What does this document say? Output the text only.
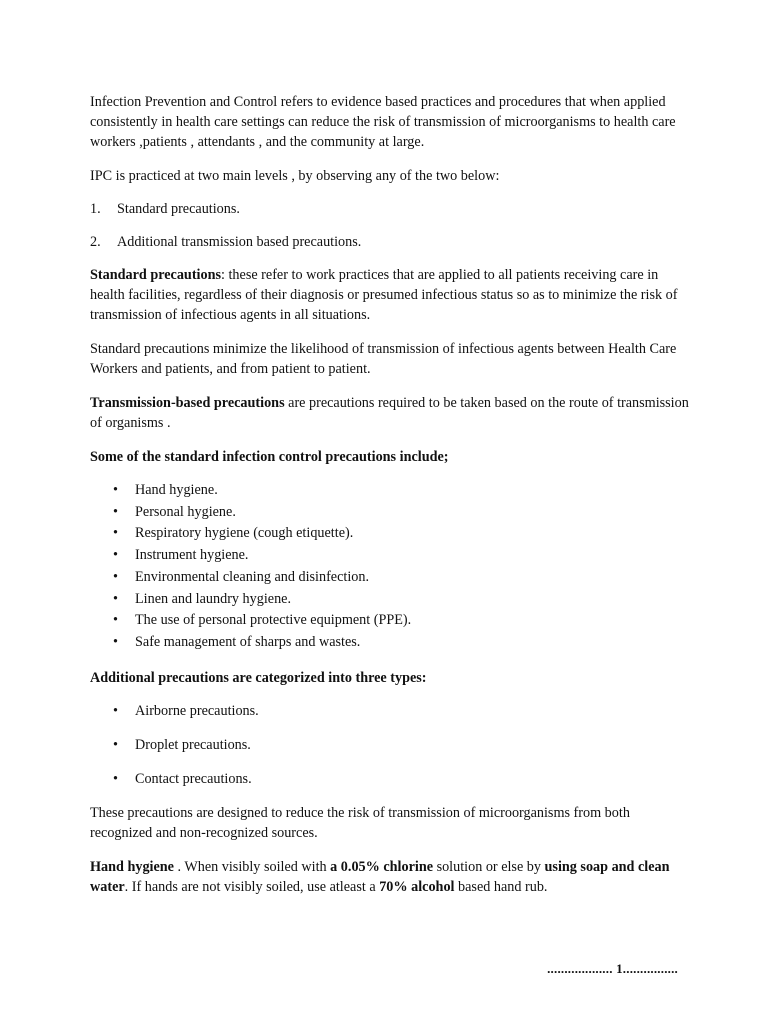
Infection Prevention and Control refers to evidence based practices and procedures that when applied consistently in health care settings can reduce the risk of transmission of microorganisms to health care workers ,patients , attendants , and the community at large.

IPC is practiced at two main levels , by observing any of the two below:

1.	Standard precautions.
2.	Additional transmission based precautions.

Standard precautions: these refer to work practices that are applied to all patients receiving care in health facilities, regardless of their diagnosis or presumed infectious status so as to minimize the risk of transmission of infectious agents in all situations.

Standard precautions minimize the likelihood of transmission of infectious agents between Health Care Workers and patients, and from patient to patient.

Transmission-based precautions are precautions required to be taken based on the route of transmission of organisms .

Some of the standard infection control precautions include;

•	Hand hygiene.
•	Personal hygiene.
•	Respiratory hygiene (cough etiquette).
•	Instrument hygiene.
•	Environmental cleaning and disinfection.
•	Linen and laundry hygiene.
•	The use of personal protective equipment (PPE).
•	Safe management of sharps and wastes.

Additional precautions are categorized into three types:

•	Airborne precautions.
•	Droplet precautions.
•	Contact precautions.

These precautions are designed to reduce the risk of transmission of microorganisms from both recognized and non-recognized sources.

Hand hygiene . When visibly soiled with a 0.05% chlorine solution or else by using soap and clean water. If hands are not visibly soiled, use atleast a 70% alcohol based hand rub.

................... 1................
